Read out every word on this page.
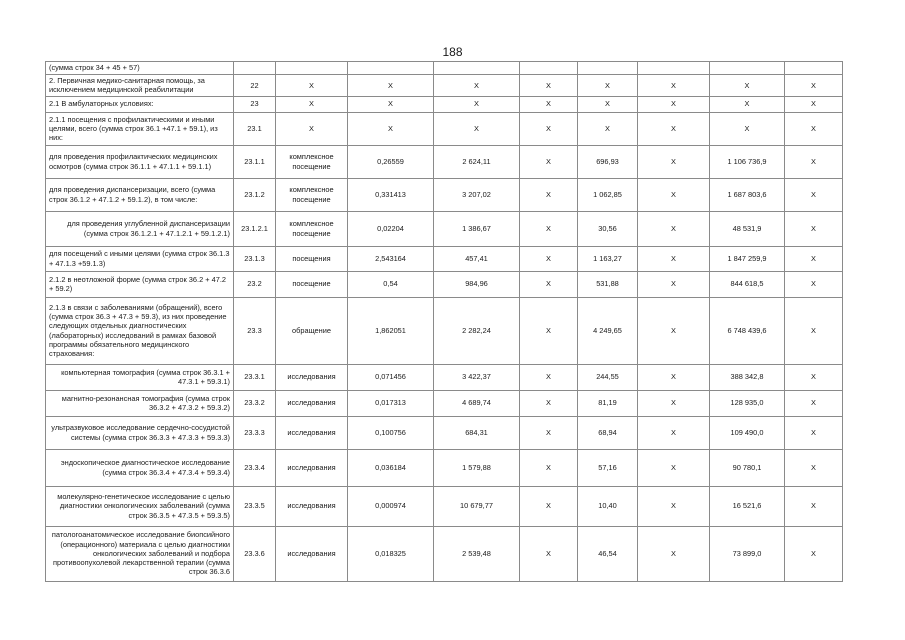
188
(сумма строк 34 + 45 + 57)									
2. Первичная медико-санитарная помощь, за исключением медицинской реабилитации	22	Х	Х	Х	Х	Х	Х	Х	Х
2.1 В амбулаторных условиях:	23	Х	Х	Х	Х	Х	Х	Х	Х
2.1.1 посещения с профилактическими и иными целями, всего (сумма строк 36.1 +47.1 + 59.1), из них:	23.1	Х	Х	Х	Х	Х	Х	Х	Х
для проведения профилактических медицинских осмотров (сумма строк 36.1.1 + 47.1.1 + 59.1.1)	23.1.1	комплексное посещение	0,26559	2 624,11	Х	696,93	Х	1 106 736,9	Х
для проведения диспансеризации, всего (сумма строк 36.1.2 + 47.1.2 + 59.1.2), в том числе:	23.1.2	комплексное посещение	0,331413	3 207,02	Х	1 062,85	Х	1 687 803,6	Х
для проведения углубленной диспансеризации (сумма строк 36.1.2.1 + 47.1.2.1 + 59.1.2.1)	23.1.2.1	комплексное посещение	0,02204	1 386,67	Х	30,56	Х	48 531,9	Х
для посещений с иными целями (сумма строк 36.1.3 + 47.1.3 +59.1.3)	23.1.3	посещения	2,543164	457,41	Х	1 163,27	Х	1 847 259,9	Х
2.1.2 в неотложной форме (сумма строк 36.2 + 47.2 + 59.2)	23.2	посещение	0,54	984,96	Х	531,88	Х	844 618,5	Х
2.1.3 в связи с заболеваниями (обращений), всего (сумма строк 36.3 + 47.3 + 59.3), из них проведение следующих отдельных диагностических (лабораторных) исследований в рамках базовой программы обязательного медицинского страхования:	23.3	обращение	1,862051	2 282,24	Х	4 249,65	Х	6 748 439,6	Х
компьютерная томография (сумма строк 36.3.1 + 47.3.1 + 59.3.1)	23.3.1	исследования	0,071456	3 422,37	Х	244,55	Х	388 342,8	Х
магнитно-резонансная томография (сумма строк 36.3.2 + 47.3.2 + 59.3.2)	23.3.2	исследования	0,017313	4 689,74	Х	81,19	Х	128 935,0	Х
ультразвуковое исследование сердечно-сосудистой системы (сумма строк 36.3.3 + 47.3.3 + 59.3.3)	23.3.3	исследования	0,100756	684,31	Х	68,94	Х	109 490,0	Х
эндоскопическое диагностическое исследование (сумма строк 36.3.4 + 47.3.4 + 59.3.4)	23.3.4	исследования	0,036184	1 579,88	Х	57,16	Х	90 780,1	Х
молекулярно-генетическое исследование с целью диагностики онкологических заболеваний (сумма строк 36.3.5 + 47.3.5 + 59.3.5)	23.3.5	исследования	0,000974	10 679,77	Х	10,40	Х	16 521,6	Х
патологоанатомическое исследование биопсийного (операционного) материала с целью диагностики онкологических заболеваний и подбора противоопухолевой лекарственной терапии (сумма строк 36.3.6	23.3.6	исследования	0,018325	2 539,48	Х	46,54	Х	73 899,0	Х
